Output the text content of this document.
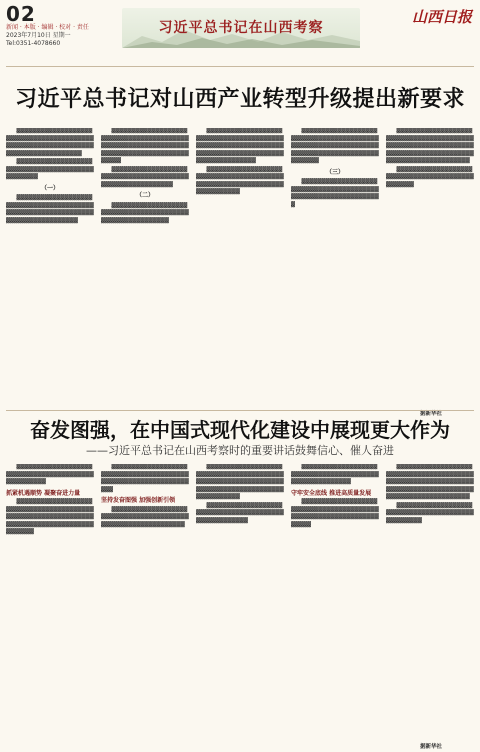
02
新闻 · 本版 · 编辑 · 校对 · 责任
2023年7月10日 星期一
Tel:0351-4078660
习近平总书记在山西考察
山西日报
习近平总书记对山西产业转型升级提出新要求

▓▓▓▓▓▓▓▓▓▓▓▓▓▓▓▓▓▓▓▓▓▓▓▓▓▓▓▓▓▓▓▓▓▓▓▓▓▓▓▓▓▓▓▓▓▓▓▓▓▓▓▓▓▓▓▓▓▓▓▓▓▓▓▓▓▓▓▓▓▓▓▓▓▓▓▓▓▓▓▓▓▓

▓▓▓▓▓▓▓▓▓▓▓▓▓▓▓▓▓▓▓▓▓▓▓▓▓▓▓▓▓▓▓▓▓▓▓▓▓▓▓▓▓▓▓▓▓▓▓▓▓

（一）

▓▓▓▓▓▓▓▓▓▓▓▓▓▓▓▓▓▓▓▓▓▓▓▓▓▓▓▓▓▓▓▓▓▓▓▓▓▓▓▓▓▓▓▓▓▓▓▓▓▓▓▓▓▓▓▓▓▓▓▓▓▓▓▓▓▓▓▓▓▓▓▓▓▓▓▓▓▓▓▓▓

▓▓▓▓▓▓▓▓▓▓▓▓▓▓▓▓▓▓▓▓▓▓▓▓▓▓▓▓▓▓▓▓▓▓▓▓▓▓▓▓▓▓▓▓▓▓▓▓▓▓▓▓▓▓▓▓▓▓▓▓▓▓▓▓▓▓▓▓▓▓▓▓▓▓▓▓▓▓▓▓▓▓▓▓▓▓▓▓▓▓

▓▓▓▓▓▓▓▓▓▓▓▓▓▓▓▓▓▓▓▓▓▓▓▓▓▓▓▓▓▓▓▓▓▓▓▓▓▓▓▓▓▓▓▓▓▓▓▓▓▓▓▓▓▓▓▓▓▓▓

（二）

▓▓▓▓▓▓▓▓▓▓▓▓▓▓▓▓▓▓▓▓▓▓▓▓▓▓▓▓▓▓▓▓▓▓▓▓▓▓▓▓▓▓▓▓▓▓▓▓▓▓▓▓▓▓▓▓▓▓

▓▓▓▓▓▓▓▓▓▓▓▓▓▓▓▓▓▓▓▓▓▓▓▓▓▓▓▓▓▓▓▓▓▓▓▓▓▓▓▓▓▓▓▓▓▓▓▓▓▓▓▓▓▓▓▓▓▓▓▓▓▓▓▓▓▓▓▓▓▓▓▓▓▓▓▓▓▓▓▓▓▓▓▓▓▓▓▓▓▓▓▓▓▓▓▓▓▓▓▓

▓▓▓▓▓▓▓▓▓▓▓▓▓▓▓▓▓▓▓▓▓▓▓▓▓▓▓▓▓▓▓▓▓▓▓▓▓▓▓▓▓▓▓▓▓▓▓▓▓▓▓▓▓▓▓▓▓▓▓▓▓▓▓▓▓▓▓▓▓▓▓▓▓▓

▓▓▓▓▓▓▓▓▓▓▓▓▓▓▓▓▓▓▓▓▓▓▓▓▓▓▓▓▓▓▓▓▓▓▓▓▓▓▓▓▓▓▓▓▓▓▓▓▓▓▓▓▓▓▓▓▓▓▓▓▓▓▓▓▓▓▓▓▓▓▓▓▓▓▓▓▓▓▓▓▓▓▓▓▓▓▓▓▓▓▓▓

（三）

▓▓▓▓▓▓▓▓▓▓▓▓▓▓▓▓▓▓▓▓▓▓▓▓▓▓▓▓▓▓▓▓▓▓▓▓▓▓▓▓▓▓▓▓▓▓▓▓▓▓▓▓▓▓▓▓▓▓▓▓▓▓▓▓

▓▓▓▓▓▓▓▓▓▓▓▓▓▓▓▓▓▓▓▓▓▓▓▓▓▓▓▓▓▓▓▓▓▓▓▓▓▓▓▓▓▓▓▓▓▓▓▓▓▓▓▓▓▓▓▓▓▓▓▓▓▓▓▓▓▓▓▓▓▓▓▓▓▓▓▓▓▓▓▓▓▓▓▓▓▓▓▓▓▓▓▓▓▓▓▓▓▓▓▓▓▓▓▓▓▓

▓▓▓▓▓▓▓▓▓▓▓▓▓▓▓▓▓▓▓▓▓▓▓▓▓▓▓▓▓▓▓▓▓▓▓▓▓▓▓▓▓▓▓▓▓▓▓▓

据新华社
奋发图强，在中国式现代化建设中展现更大作为
——习近平总书记在山西考察时的重要讲话鼓舞信心、催人奋进

▓▓▓▓▓▓▓▓▓▓▓▓▓▓▓▓▓▓▓▓▓▓▓▓▓▓▓▓▓▓▓▓▓▓▓▓▓▓▓▓▓▓▓▓▓▓▓▓▓▓▓

抓紧机遇顺势 凝聚奋进力量

▓▓▓▓▓▓▓▓▓▓▓▓▓▓▓▓▓▓▓▓▓▓▓▓▓▓▓▓▓▓▓▓▓▓▓▓▓▓▓▓▓▓▓▓▓▓▓▓▓▓▓▓▓▓▓▓▓▓▓▓▓▓▓▓▓▓▓▓▓▓▓▓▓▓▓▓▓▓▓▓▓▓▓▓▓▓▓▓▓▓▓▓

▓▓▓▓▓▓▓▓▓▓▓▓▓▓▓▓▓▓▓▓▓▓▓▓▓▓▓▓▓▓▓▓▓▓▓▓▓▓▓▓▓▓▓▓▓▓▓▓▓▓▓▓▓▓▓▓▓▓▓▓▓▓▓▓▓▓

坚持发奋图强 加强创新引领

▓▓▓▓▓▓▓▓▓▓▓▓▓▓▓▓▓▓▓▓▓▓▓▓▓▓▓▓▓▓▓▓▓▓▓▓▓▓▓▓▓▓▓▓▓▓▓▓▓▓▓▓▓▓▓▓▓▓▓▓▓▓

▓▓▓▓▓▓▓▓▓▓▓▓▓▓▓▓▓▓▓▓▓▓▓▓▓▓▓▓▓▓▓▓▓▓▓▓▓▓▓▓▓▓▓▓▓▓▓▓▓▓▓▓▓▓▓▓▓▓▓▓▓▓▓▓▓▓▓▓▓▓▓▓▓▓▓▓▓▓▓▓▓▓▓▓▓▓▓▓▓▓▓▓▓▓▓▓

▓▓▓▓▓▓▓▓▓▓▓▓▓▓▓▓▓▓▓▓▓▓▓▓▓▓▓▓▓▓▓▓▓▓▓▓▓▓▓▓▓▓▓▓▓▓▓▓▓▓▓▓▓▓

▓▓▓▓▓▓▓▓▓▓▓▓▓▓▓▓▓▓▓▓▓▓▓▓▓▓▓▓▓▓▓▓▓▓▓▓▓▓▓▓▓▓▓▓▓▓▓▓▓▓▓▓▓▓▓▓

守牢安全底线 推进高质量发展

▓▓▓▓▓▓▓▓▓▓▓▓▓▓▓▓▓▓▓▓▓▓▓▓▓▓▓▓▓▓▓▓▓▓▓▓▓▓▓▓▓▓▓▓▓▓▓▓▓▓▓▓▓▓▓▓▓▓▓▓▓▓▓▓▓▓▓▓

▓▓▓▓▓▓▓▓▓▓▓▓▓▓▓▓▓▓▓▓▓▓▓▓▓▓▓▓▓▓▓▓▓▓▓▓▓▓▓▓▓▓▓▓▓▓▓▓▓▓▓▓▓▓▓▓▓▓▓▓▓▓▓▓▓▓▓▓▓▓▓▓▓▓▓▓▓▓▓▓▓▓▓▓▓▓▓▓▓▓▓▓▓▓▓▓▓▓▓▓▓▓▓▓▓▓

▓▓▓▓▓▓▓▓▓▓▓▓▓▓▓▓▓▓▓▓▓▓▓▓▓▓▓▓▓▓▓▓▓▓▓▓▓▓▓▓▓▓▓▓▓▓▓▓▓▓

据新华社
